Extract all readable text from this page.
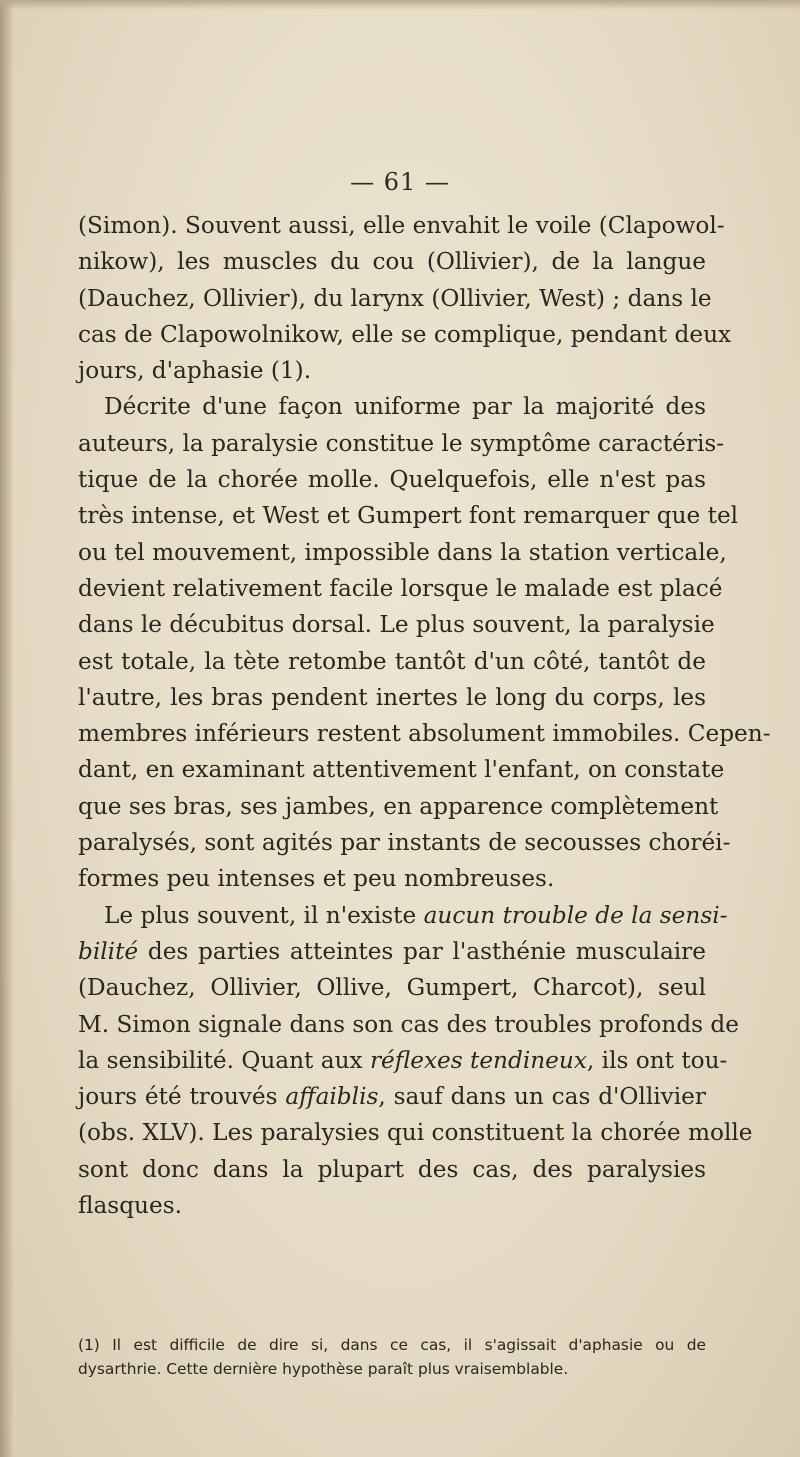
— 61 —
(Simon). Souvent aussi, elle envahit le voile (Clapowol-
nikow), les muscles du cou (Ollivier), de la langue
(Dauchez, Ollivier), du larynx (Ollivier, West) ; dans le
cas de Clapowolnikow, elle se complique, pendant deux
jours, d'aphasie (1).
Décrite d'une façon uniforme par la majorité des
auteurs, la paralysie constitue le symptôme caractéris-
tique de la chorée molle. Quelquefois, elle n'est pas
très intense, et West et Gumpert font remarquer que tel
ou tel mouvement, impossible dans la station verticale,
devient relativement facile lorsque le malade est placé
dans le décubitus dorsal. Le plus souvent, la paralysie
est totale, la tète retombe tantôt d'un côté, tantôt de
l'autre, les bras pendent inertes le long du corps, les
membres inférieurs restent absolument immobiles. Cepen-
dant, en examinant attentivement l'enfant, on constate
que ses bras, ses jambes, en apparence complètement
paralysés, sont agités par instants de secousses choréi-
formes peu intenses et peu nombreuses.
Le plus souvent, il n'existe aucun trouble de la sensi-
bilité des parties atteintes par l'asthénie musculaire
(Dauchez, Ollivier, Ollive, Gumpert, Charcot), seul
M. Simon signale dans son cas des troubles profonds de
la sensibilité. Quant aux réflexes tendineux, ils ont tou-
jours été trouvés affaiblis, sauf dans un cas d'Ollivier
(obs. XLV). Les paralysies qui constituent la chorée molle
sont donc dans la plupart des cas, des paralysies
flasques.
(1) Il est difficile de dire si, dans ce cas, il s'agissait d'aphasie ou de
dysarthrie. Cette dernière hypothèse paraît plus vraisemblable.
